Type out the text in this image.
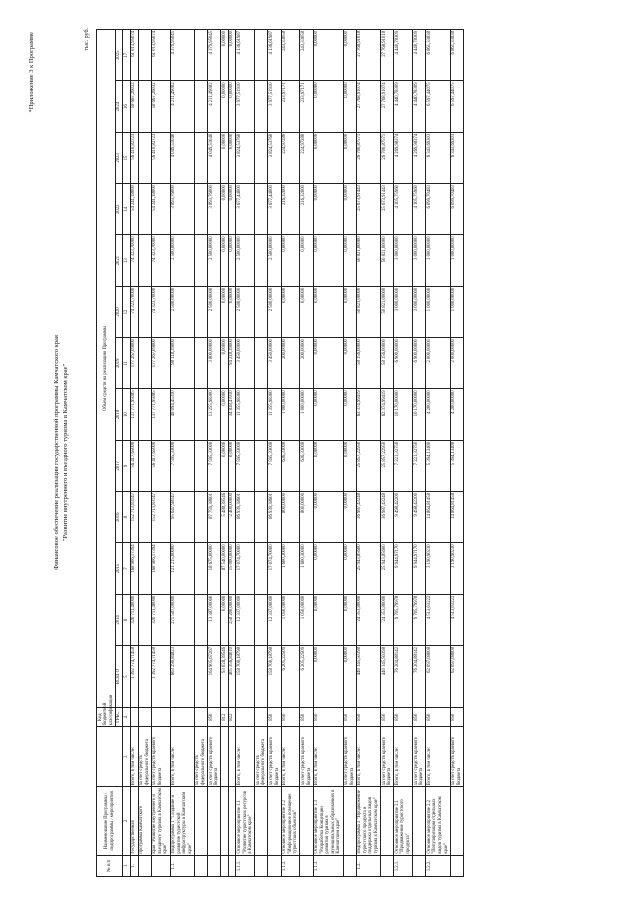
*Приложение 3 к Программе
Финансовое обеспечение реализации государственной программы Камчатского края "Развитие внутреннего и въездного туризма в Камчатском крае"
тыс. руб.
№ п/п	Наименование Программы / подпрограммы / мероприятия		Код бюджетной классификации	Объем средств на реализацию Программы												
			ГРБС	ВСЕГО	2014	2015	2016	2017	2018	2019	2020	2021	2022	2023	2024	2025
1	2	3	4	5	6	7	8	9	10	11	12	13	14	15	16	17
1.	Государственная	Всего, в том числе:		1 392 774,71458	320 711,40000	168 906,17394	152 713,83147	56 417,65000	137 771,95085	177 267,09000	74 323,70000	74 323,70000	54 241,18000	56 410,82723	58 667,26032	61 013,95074
	программа Камчатского	за счет средств федерального бюджета														
	края "Развитие внутреннего и въездного туризма в Камчатском крае"	за счет средств краевого бюджета		1 392 774,71458	320 711,40000	168 906,17394	152 713,83147	56 417,65000	137 771,95085	177 267,09000	74 323,70000	74 323,70000	54 241,18000	56 410,82723	58 667,26032	61 013,95074
1.1.	Подпрограмма 1 "Создание и развитие туристской инфраструктуры в Камчатском крае"	Всего, в том числе:		663 290,84823	271 587,00000	121 215,00000	95 647,98147	7 595,33000	48 094,45310	98 118,39000	2 500,00000	2 500,00000	3 893,76000	4 049,51040	4 211,49082	4 379,95045
		за счет средств федерального бюджета														
		за счет средств краевого бюджета	850	164 905,67267	13 387,00000	18 675,00000	87 759,38601	7 595,33000	13 255,98300	3 800,00000	2 500,00000	2 500,00000	3 893,76000	4 049,51040	4 211,49082	4 379,95045
			812	93 028,39546	0,00000	87 540,00000	5 488,39546	0,00000	0,00000	0,00000	0,00000	0,00000	0,00000	0,00000	0,00000	0,00000
			822	405 356,84010	258 200,00000	15 000,00000	2 400,00000	0,00000	34 838,47010	94 318,39000	0,00000	0,00000	0,00000	0,00000	0,00000	0,00000
1.1.1.	Основное мероприятие 1.1 "Развитие туристских ресурсов в Камчатском крае"	Всего, в том числе:		158 700,18798	12 337,00000	17 074,70000	86 939,38601	7 595,33000	11 355,98300	3 450,00000	2 500,00000	2 500,00000	3 677,44000	3 824,53760	3 977,51910	4 136,61987
		за счет средств федерального бюджета														
		за счет средств краевого бюджета	850	158 700,18798	12 337,00000	17 074,70000	86 939,38601	7 595,33000	11 355,98300	3 450,00000	2 500,00000	2 500,00000	3 677,44000	3 824,53760	3 977,51910	4 136,61987
1.1.2.	Основное мероприятие 1.2 "Информационное освещение туристских объектов"	Всего, в том числе:	850	6 205,22509	1 050,00000	1 600,30000	800,00000	636,33000	1 000,00000	200,00000	0,00000	0,00000	216,32000	224,97280	233,97171	243,33058
		за счет средств краевого бюджета	850	6 205,22509	1 050,00000	1 600,30000	800,00000	636,33000	1 000,00000	200,00000	0,00000	0,00000	216,32000	224,97280	233,97171	243,33058
1.1.3.	Основное мероприятие 1.3 "Разработка Концепции развития туризма в муниципальных образованиях в Камчатском крае"	Всего, в том числе:	850	0,00000	0,00000	0,00000	0,00000	0,00000	0,00000	0,00000	0,00000	0,00000	0,00000	0,00000	0,00000	0,00000
		за счет средств краевого бюджета	850	0,00000	0,00000	0,00000	0,00000	0,00000	0,00000	0,00000	0,00000	0,00000	0,00000	0,00000	0,00000	0,00000
1.2.	Подпрограмма 2 "Продвижение туристского продукта и поддержка отдельных видов туризма в Камчатском крае"	Всего, в том числе:	850	440 145,50398	24 353,80000	25 943,85600	36 987,43248	25 857,22950	62 374,99419	58 156,00000	50 821,00000	50 821,00000	25 673,91443	26 700,87571	27 768,91074	27 768,91018
		за счет средств краевого бюджета	850	440 145,50398	24 353,80000	25 943,85600	36 987,43248	25 857,22950	62 374,99419	58 156,00000	50 821,00000	50 821,00000	25 673,91443	26 700,87571	27 768,91074	27 768,91018
1.2.1.	Основное мероприятие 2.1 "Продвижение туристского продукта"	Всего, в том числе:	850	76 204,88142	9 705,79978	9 944,97170	9 498,42200	7 221,32750	10 170,00000	6 900,00000	3 000,00000	3 000,00000	4 105,75960	4 269,98374	4 440,78309	4 440,78309
		за счет средств краевого бюджета	850	76 204,88142	9 705,79978	9 944,97170	9 498,42200	7 221,32750	10 170,00000	6 900,00000	3 000,00000	3 000,00000	4 105,75960	4 269,98374	4 440,78309	4 440,78309
1.2.2.	Основное мероприятие 2.2 "Популяризация отдельных видов туризма в Камчатском крае"	Всего, в том числе:	850	62 097,08008	4 513,03222	3 190,90230	14 864,81458	5 394,13400	4 200,00000	2 000,00000	1 000,00000	1 000,00000	6 099,70483	6 343,69303	6 597,44075	6 861,33838
		за счет средств краевого бюджета	850	62 097,08008	4 513,03222	3 190,90230	14 864,81458	5 394,13400	4 200,00000	2 000,00000	1 000,00000	1 000,00000	6 099,70483	6 343,69303	6 597,44075	6 861,33838
